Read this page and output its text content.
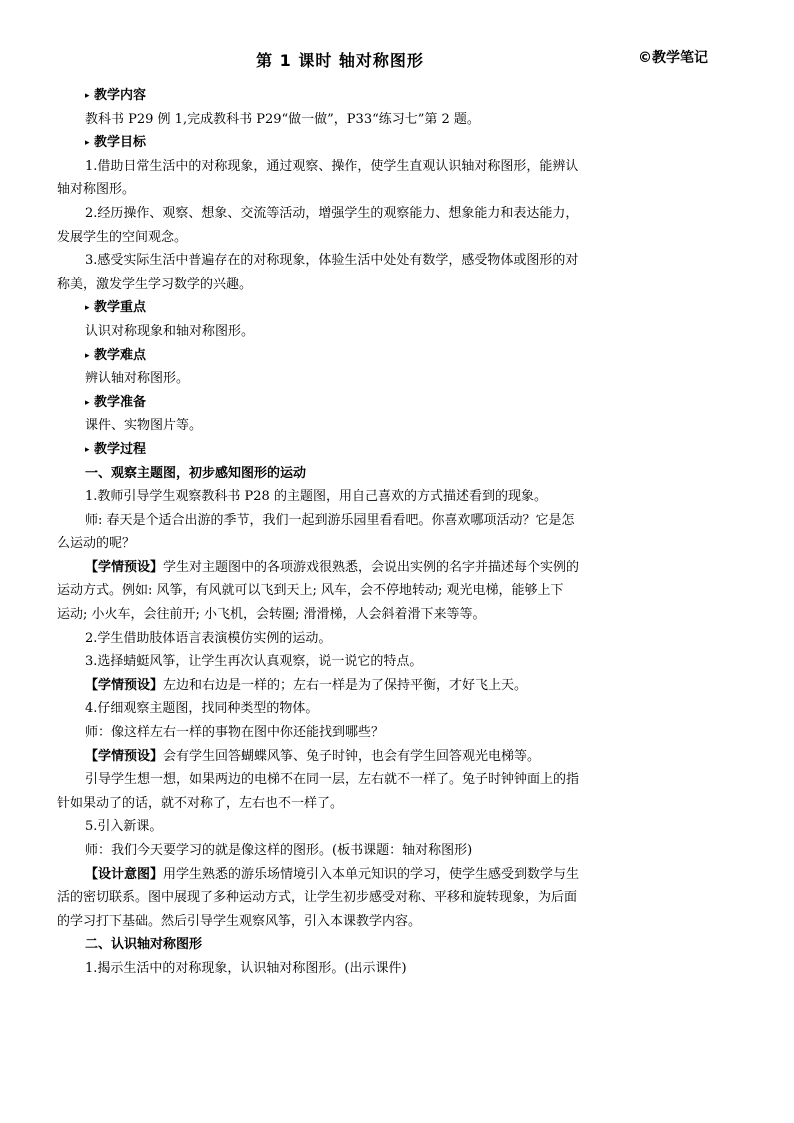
第 1 课时 轴对称图形	©教学笔记
▸ 教学内容
教科书 P29 例 1,完成教科书 P29“做一做”，P33“练习七”第 2 题。
▸ 教学目标
1.借助日常生活中的对称现象，通过观察、操作，使学生直观认识轴对称图形，能辨认
轴对称图形。
2.经历操作、观察、想象、交流等活动，增强学生的观察能力、想象能力和表达能力，
发展学生的空间观念。
3.感受实际生活中普遍存在的对称现象，体验生活中处处有数学，感受物体或图形的对
称美，激发学生学习数学的兴趣。
▸ 教学重点
认识对称现象和轴对称图形。
▸ 教学难点
辨认轴对称图形。
▸ 教学准备
课件、实物图片等。
▸ 教学过程
一、观察主题图，初步感知图形的运动
1.教师引导学生观察教科书 P28 的主题图，用自己喜欢的方式描述看到的现象。
师: 春天是个适合出游的季节，我们一起到游乐园里看看吧。你喜欢哪项活动？它是怎
么运动的呢？
【学情预设】学生对主题图中的各项游戏很熟悉，会说出实例的名字并描述每个实例的
运动方式。例如: 风筝，有风就可以飞到天上; 风车，会不停地转动; 观光电梯，能够上下
运动; 小火车，会往前开; 小飞机，会转圈; 滑滑梯，人会斜着滑下来等等。
2.学生借助肢体语言表演模仿实例的运动。
3.选择蜻蜓风筝，让学生再次认真观察，说一说它的特点。
【学情预设】左边和右边是一样的；左右一样是为了保持平衡，才好飞上天。
4.仔细观察主题图，找同种类型的物体。
师：像这样左右一样的事物在图中你还能找到哪些？
【学情预设】会有学生回答蝴蝶风筝、兔子时钟，也会有学生回答观光电梯等。
引导学生想一想，如果两边的电梯不在同一层，左右就不一样了。兔子时钟钟面上的指
针如果动了的话，就不对称了，左右也不一样了。
5.引入新课。
师：我们今天要学习的就是像这样的图形。(板书课题：轴对称图形)
【设计意图】用学生熟悉的游乐场情境引入本单元知识的学习，使学生感受到数学与生
活的密切联系。图中展现了多种运动方式，让学生初步感受对称、平移和旋转现象，为后面
的学习打下基础。然后引导学生观察风筝，引入本课教学内容。
二、认识轴对称图形
1.揭示生活中的对称现象，认识轴对称图形。(出示课件)
